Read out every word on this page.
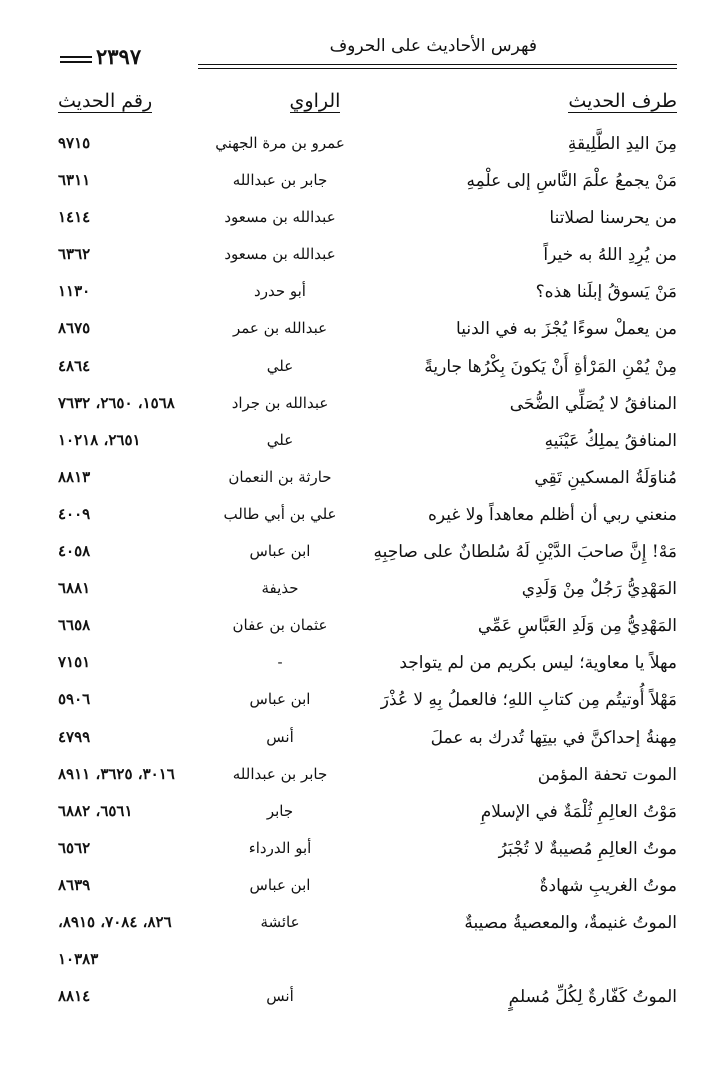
٢٣٩٧	فهرس الأحاديث على الحروف
طرف الحديث
الراوي
رقم الحديث
مِنَ اليدِ الطَّلِيقةِ
عمرو بن مرة الجهني
٩٧١٥
مَنْ يجمعُ علْمَ النَّاسِ إلى علْمِهِ
جابر بن عبدالله
٦٣١١
من يحرسنا لصلاتنا
عبدالله بن مسعود
١٤١٤
من يُرِدِ اللهُ به خيراً
عبدالله بن مسعود
٦٣٦٢
مَنْ يَسوقُ إبلَنا هذه؟
أبو حدرد
١١٣٠
من يعملْ سوءًا يُجْزَ به في الدنيا
عبدالله بن عمر
٨٦٧٥
مِنْ يُمْنِ المَرْأةِ أَنْ يَكونَ بِكْرُها جاريةً
علي
٤٨٦٤
المنافقُ لا يُصَلِّي الضُّحَى
عبدالله بن جراد
١٥٦٨، ٢٦٥٠، ٧٦٣٢
المنافقُ يملِكُ عَيْنَيهِ
علي
٢٦٥١، ١٠٢١٨
مُناوَلَةُ المسكينِ تَقِي
حارثة بن النعمان
٨٨١٣
منعني ربي أن أظلم معاهداً ولا غيره
علي بن أبي طالب
٤٠٠٩
مَهْ! إِنَّ صاحبَ الدَّيْنِ لَهُ سُلطانٌ على صاحِبِهِ
ابن عباس
٤٠٥٨
المَهْدِيُّ رَجُلٌ مِنْ وَلَدِي
حذيفة
٦٨٨١
المَهْدِيُّ مِن وَلَدِ العَبَّاسِ عَمِّي
عثمان بن عفان
٦٦٥٨
مهلاً يا معاوية؛ ليس بكريم من لم يتواجد
-
٧١٥١
مَهْلاً أُوتيتُم مِن كتابِ اللهِ؛ فالعملُ بِهِ لا عُذْرَ
ابن عباس
٥٩٠٦
مِهنةُ إحداكنَّ في بيتِها تُدرك به عملَ
أنس
٤٧٩٩
الموت تحفة المؤمن
جابر بن عبدالله
٣٠١٦، ٣٦٢٥، ٨٩١١
مَوْتُ العالِمِ ثُلْمَةٌ في الإسلامِ
جابر
٦٥٦١، ٦٨٨٢
موتُ العالِمِ مُصيبةٌ لا تُجْبَرُ
أبو الدرداء
٦٥٦٢
موتُ الغريبِ شهادةٌ
ابن عباس
٨٦٣٩
الموتُ غنيمةٌ، والمعصيةُ مصيبةٌ
عائشة
٨٢٦، ٧٠٨٤، ٨٩١٥،
١٠٣٨٣
الموتُ كَفّارةٌ لِكُلِّ مُسلمٍ
أنس
٨٨١٤
